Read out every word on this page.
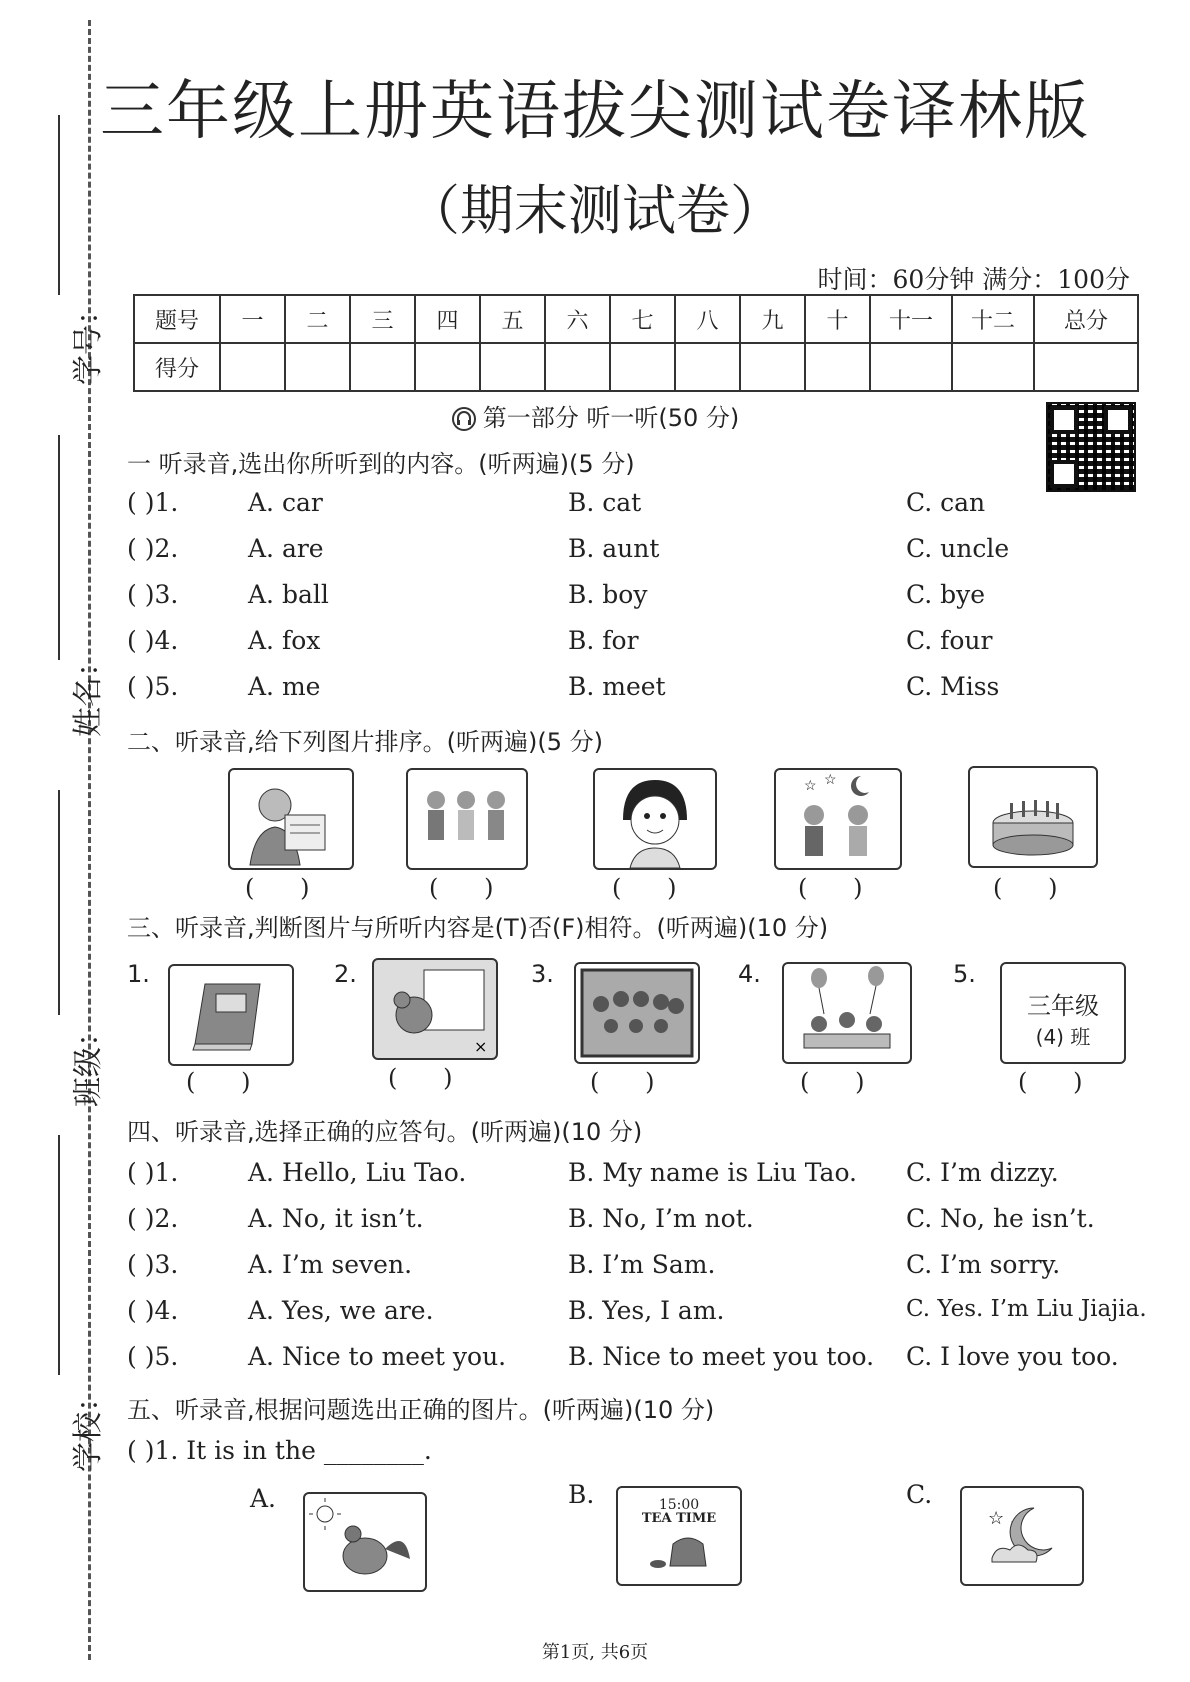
学号：
姓名：
班级：
学校：
三年级上册英语拔尖测试卷译林版
（期末测试卷）
时间：60分钟 满分：100分
题号	一	二	三	四	五	六	七	八	九	十	十一	十二	总分
得分													
第一部分 听一听(50 分)
一 听录音,选出你所听到的内容。(听两遍)(5 分)
( )1.	A. car	B. cat	C. can
( )2.	A. are	B. aunt	C. uncle
( )3.	A. ball	B. boy	C. bye
( )4.	A. fox	B. for	C. four
( )5.	A. me	B. meet	C. Miss
二、听录音,给下列图片排序。(听两遍)(5 分)
☆ ☆
(      )	(      )	(      )	(      )	(      )
三、听录音,判断图片与所听内容是(T)否(F)相符。(听两遍)(10 分)
1.	2.
×
3.	4.	5.
三年级
(4) 班
(      )	(      )	(      )	(      )	(      )
四、听录音,选择正确的应答句。(听两遍)(10 分)
( )1.	A. Hello, Liu Tao.	B. My name is Liu Tao. C. I’m dizzy.
( )2.	A. No, it isn’t.	B. No, I’m not.	C. No, he isn’t.
( )3.	A. I’m seven.	B. I’m Sam.	C. I’m sorry.
( )4.	A. Yes, we are.	B. Yes, I am.	C. Yes. I’m Liu Jiajia.
( )5.	A. Nice to meet you. B. Nice to meet you too. C. I love you too.
五、听录音,根据问题选出正确的图片。(听两遍)(10 分)
( )1. It is in the ________.
A.	B.	15:00
TEA TIME
C.
☆
第1页, 共6页
